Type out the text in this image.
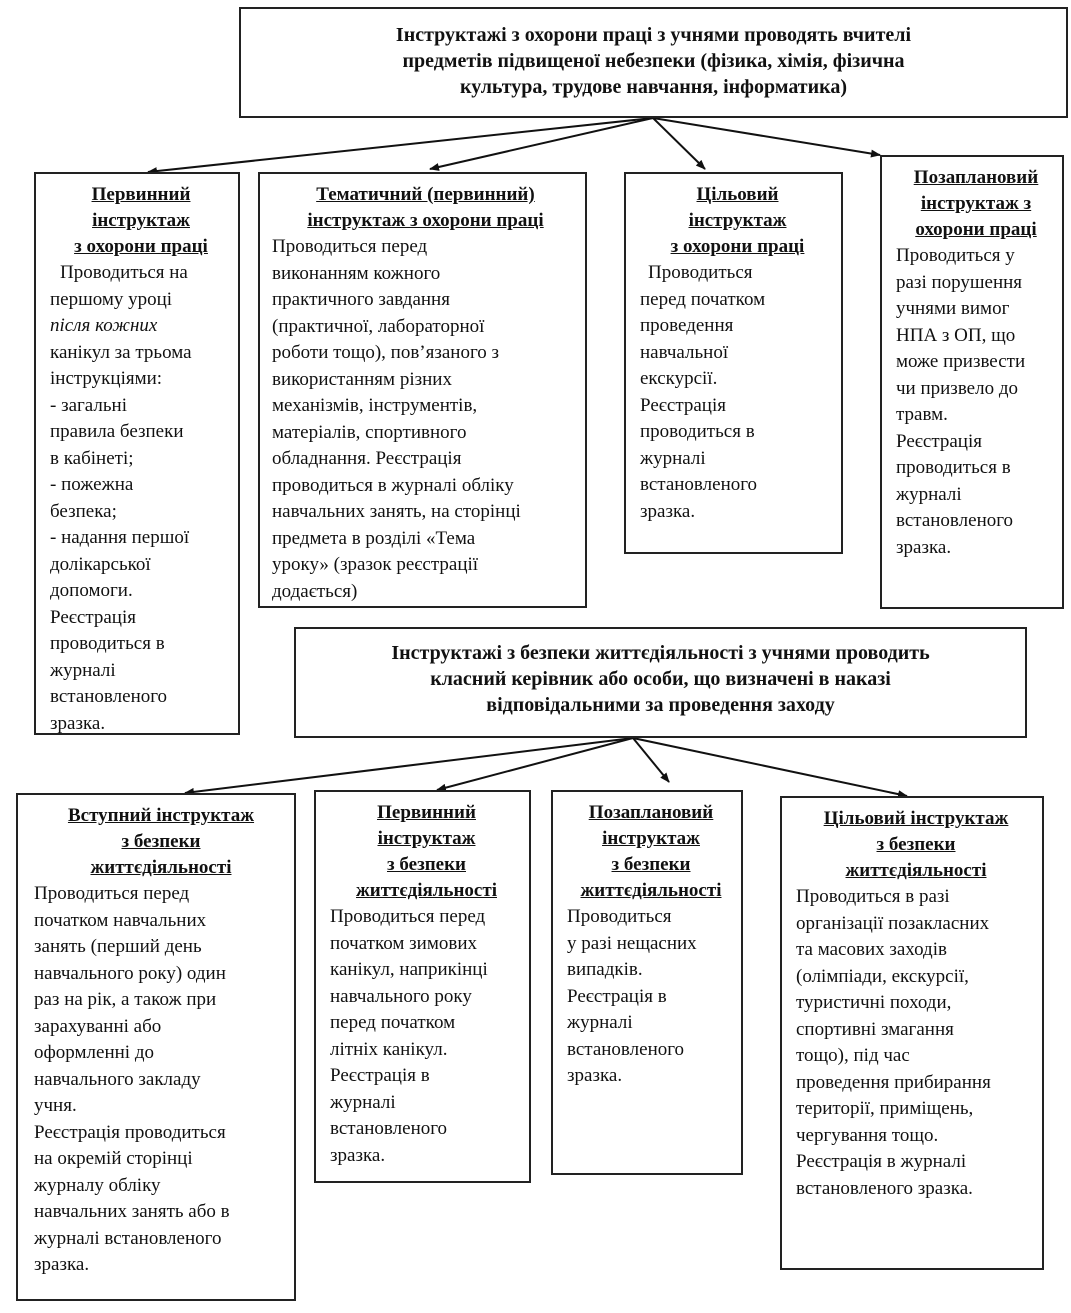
Інструктажі з охорони праці з учнями проводять вчителі
предметів підвищеної небезпеки (фізика, хімія, фізична
культура, трудове навчання, інформатика)
Первинний
інструктаж
з охорони праці
Проводиться на
першому уроці
після кожних
канікул за трьома
інструкціями:
- загальні
правила безпеки
в кабінеті;
- пожежна
безпека;
- надання першої
долікарської
допомоги.
Реєстрація
проводиться в
журналі
встановленого
зразка.
Тематичний (первинний)
інструктаж з охорони праці
Проводиться перед
виконанням кожного
практичного завдання
(практичної, лабораторної
роботи тощо), пов’язаного з
використанням різних
механізмів, інструментів,
матеріалів, спортивного
обладнання. Реєстрація
проводиться в журналі обліку
навчальних занять, на сторінці
предмета в розділі «Тема
уроку» (зразок реєстрації
додається)
Цільовий
інструктаж
з охорони праці
Проводиться
перед початком
проведення
навчальної
екскурсії.
Реєстрація
проводиться в
журналі
встановленого
зразка.
Позаплановий
інструктаж з
охорони праці
Проводиться у
разі порушення
учнями вимог
НПА з ОП, що
може призвести
чи призвело до
травм.
Реєстрація
проводиться в
журналі
встановленого
зразка.
Інструктажі з безпеки життєдіяльності з учнями проводить
класний керівник або особи, що визначені в наказі
відповідальними за проведення заходу
Вступний інструктаж
з безпеки
життєдіяльності
Проводиться перед
початком навчальних
занять (перший день
навчального року) один
раз на рік, а також при
зарахуванні або
оформленні до
навчального закладу
учня.
Реєстрація проводиться
на окремій сторінці
журналу обліку
навчальних занять або в
журналі встановленого
зразка.
Первинний
інструктаж
з безпеки
життєдіяльності
Проводиться перед
початком зимових
канікул, наприкінці
навчального року
перед початком
літніх канікул.
Реєстрація в
журналі
встановленого
зразка.
Позаплановий
інструктаж
з безпеки
життєдіяльності
Проводиться
у разі нещасних
випадків.
Реєстрація в
журналі
встановленого
зразка.
Цільовий інструктаж
з безпеки
життєдіяльності
Проводиться в разі
організації позакласних
та масових заходів
(олімпіади, екскурсії,
туристичні походи,
спортивні змагання
тощо), під час
проведення прибирання
території, приміщень,
чергування тощо.
Реєстрація в журналі
встановленого зразка.
